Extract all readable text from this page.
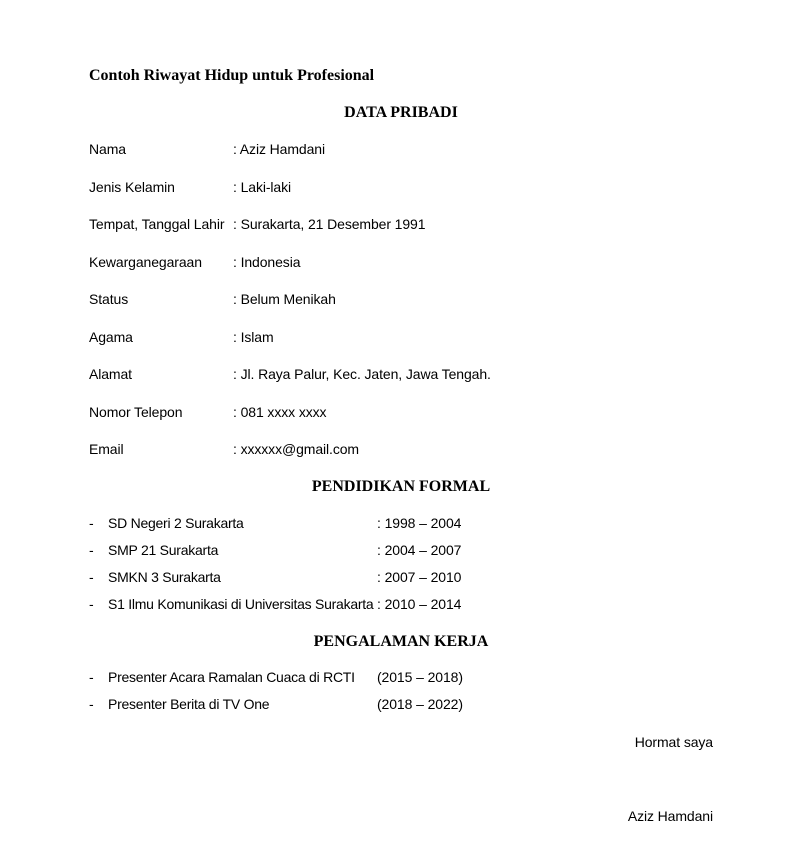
Contoh Riwayat Hidup untuk Profesional
DATA PRIBADI
Nama	: Aziz Hamdani
Jenis Kelamin	: Laki-laki
Tempat, Tanggal Lahir : Surakarta, 21 Desember 1991
Kewarganegaraan : Indonesia
Status	: Belum Menikah
Agama	: Islam
Alamat	: Jl. Raya Palur, Kec. Jaten, Jawa Tengah.
Nomor Telepon	: 081 xxxx xxxx
Email	: xxxxxx@gmail.com
PENDIDIKAN FORMAL
- SD Negeri 2 Surakarta	: 1998 – 2004
- SMP 21 Surakarta	: 2004 – 2007
- SMKN 3 Surakarta	: 2007 – 2010
- S1 Ilmu Komunikasi di Universitas Surakarta : 2010 – 2014
PENGALAMAN KERJA
- Presenter Acara Ramalan Cuaca di RCTI (2015 – 2018)
- Presenter Berita di TV One	(2018 – 2022)
Hormat saya
Aziz Hamdani
